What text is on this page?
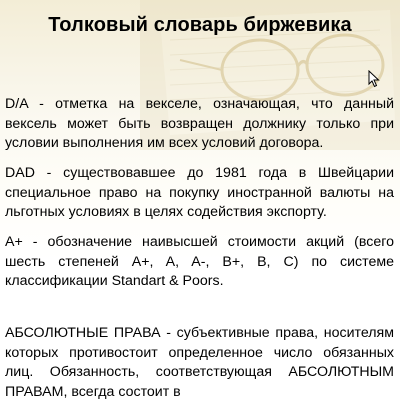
Толковый словарь биржевика
D/A - отметка на векселе, означающая, что данный вексель может быть возвращен должнику только при условии выполнения им всех условий договора.
DAD - существовавшее до 1981 года в Швейцарии специальное право на покупку иностранной валюты на льготных условиях в целях содействия экспорту.
A+ - обозначение наивысшей стоимости акций (всего шесть степеней A+, A, A-, B+, B, C) по системе классификации Standart & Poors.
АБСОЛЮТНЫЕ ПРАВА - субъективные права, носителям которых противостоит определенное число обязанных лиц. Обязанность, соответствующая АБСОЛЮТНЫМ ПРАВАМ, всегда состоит в
